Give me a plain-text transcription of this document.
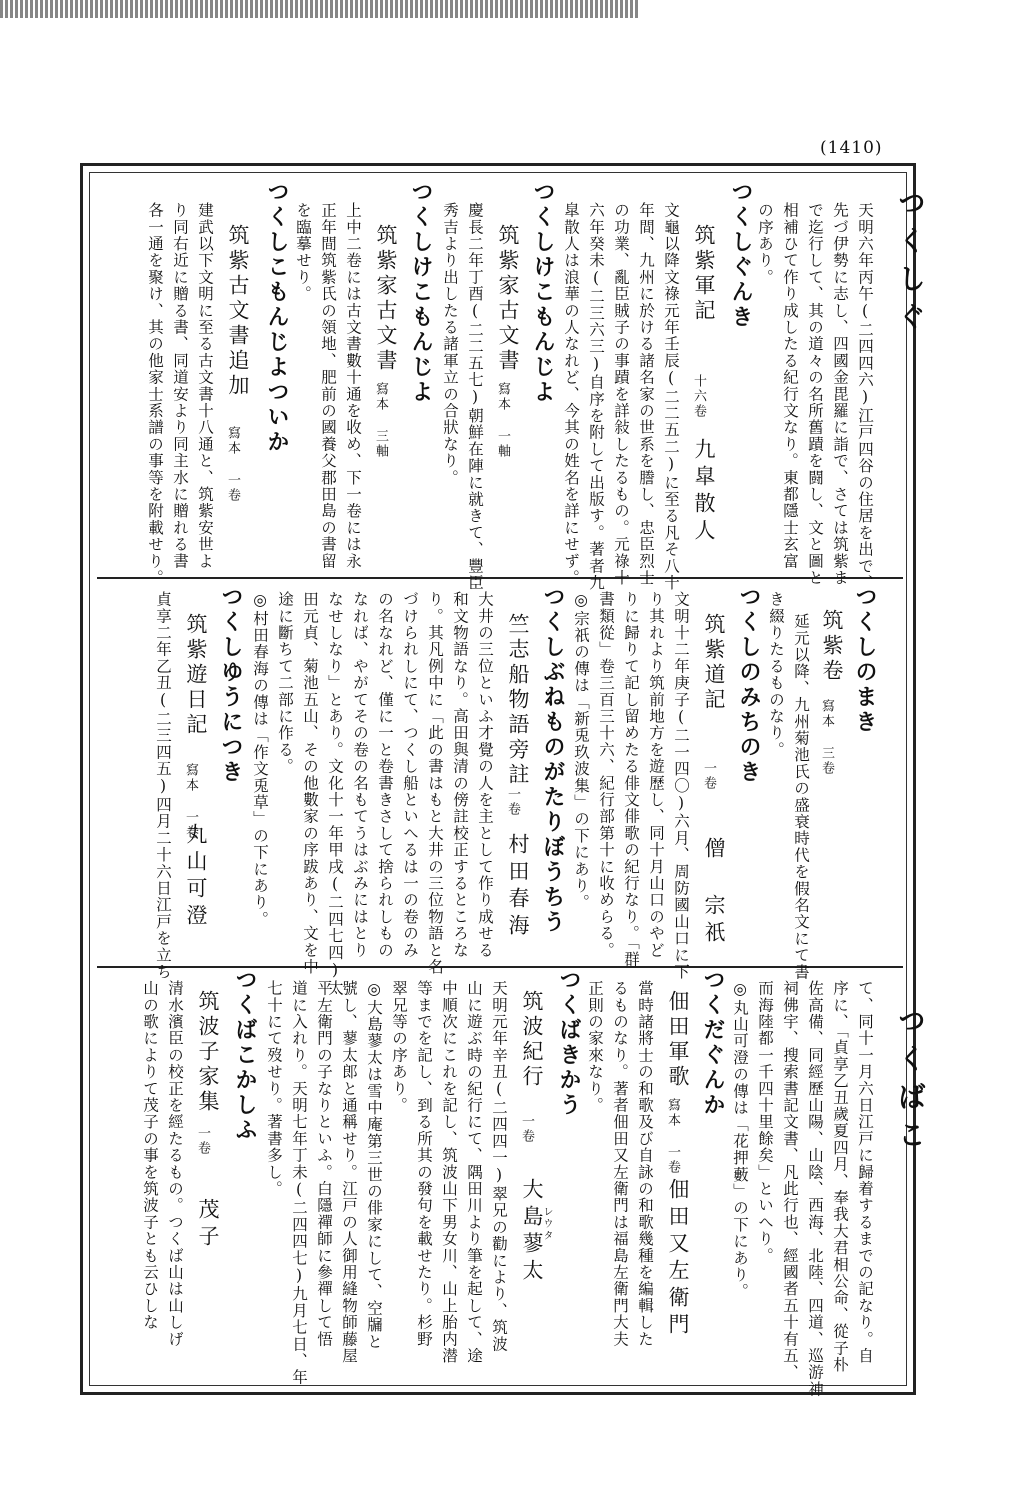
(1410)
つくしぐ
天明六年丙午(二四四六)江戸四谷の住居を出で、
先づ伊勢に志し、四國金毘羅に詣で、さては筑紫ま
で迄行して、其の道々の名所舊蹟を闘し、文と圖と
相補ひて作り成したる紀行文なり。東都隱士玄富
の序あり。
つくしぐんき
筑紫軍記
十六卷
九皐散人
文龜以降文祿元年壬辰(二二五二)に至る凡そ八十
年間、九州に於ける諸名家の世系を謄し、忠臣烈士
の功業、亂臣賊子の事蹟を詳敍したるもの。元祿十
六年癸未(二三六三)自序を附して出版す。著者九
皐散人は浪華の人なれど、今其の姓名を詳にせず。
つくしけこもんじよ
筑紫家古文書
寫本 一軸
慶長二年丁酉(二二五七)朝鮮在陣に就きて、豐臣
秀吉より出したる諸軍立の合狀なり。
つくしけこもんじよ
筑紫家古文書
寫本 三軸
上中二卷には古文書數十通を收め、下一卷には永
正年間筑紫氏の領地、肥前の國養父郡田島の書留
を臨摹せり。
つくしこもんじよついか
筑紫古文書追加
寫本 一卷
建武以下文明に至る古文書十八通と、筑紫安世よ
り同右近に贈る書、同道安より同主水に贈れる書
各一通を聚け、其の他家士系譜の事等を附載せり。
つくしのまき
筑紫卷
寫本 三卷
延元以降、九州菊池氏の盛衰時代を假名文にて書
き綴りたるものなり。
つくしのみちのき
筑紫道記
一卷
僧 宗祇
文明十二年庚子(二一四〇)六月、周防國山口に下
り其れより筑前地方を遊歷し、同十月山口のやど
りに歸りて記し留めたる俳文俳歌の紀行なり。「群
書類從」卷三百三十六、紀行部第十に收めらる。
◎宗祇の傳は「新兎玖波集」の下にあり。
つくしぶねものがたりぼうちう
竺志船物語旁註
一卷
村田春海
大井の三位といふ才覺の人を主として作り成せる
和文物語なり。高田與清の傍註校正するところな
り。其凡例中に「此の書はもと大井の三位物語と名
づけられしにて、つくし船といへるは一の卷のみ
の名なれど、僅に一と卷書きさして捨られしもの
なれば、やがてその卷の名もてうはぶみにはとり
なせしなり」とあり。文化十一年甲戌(二四七四)太
田元貞、菊池五山、その他數家の序跋あり、文を中
途に斷ちて二部に作る。
◎村田春海の傳は「作文兎草」の下にあり。
つくしゆうにつき
筑紫遊日記
寫本 一卷
丸山可澄
貞享二年乙丑(二三四五)四月二十六日江戸を立ち
つくばこ
て、同十一月六日江戸に歸着するまでの記なり。自
序に、「貞享乙丑歲夏四月、奉我大君相公命、從子朴
佐高備、同經歷山陽、山陰、西海、北陸、四道、巡游神
祠佛宇、搜索書記文書、凡此行也、經國者五十有五、
而海陸都一千四十里餘矣」といへり。
◎丸山可澄の傳は「花押藪」の下にあり。
つくだぐんか
佃田軍歌
寫本 一卷
佃田又左衛門
當時諸將士の和歌及び自詠の和歌幾種を編輯した
るものなり。著者佃田又左衛門は福島左衛門大夫
正則の家來なり。
つくばきかう
筑波紀行
一卷
大島蓼太
レウタ
天明元年辛丑(二四四一)翠兄の勸により、筑波
山に遊ぶ時の紀行にて、隅田川より筆を起して、途
中順次にこれを記し、筑波山下男女川、山上胎内潜
等までを記し、到る所其の發句を載せたり。杉野
翠兄等の序あり。
◎大島蓼太は雪中庵第三世の俳家にして、空牖と
號し、蓼太郎と通稱せり。江戸の人御用縫物師藤屋
平左衛門の子なりといふ。白隱禪師に參禪して悟
道に入れり。天明七年丁未(二四四七)九月七日、年
七十にて歿せり。著書多し。
つくばこかしふ
筑波子家集
一卷
茂子
清水濱臣の校正を經たるもの。つくば山は山しげ
山の歌によりて茂子の事を筑波子とも云ひしな
